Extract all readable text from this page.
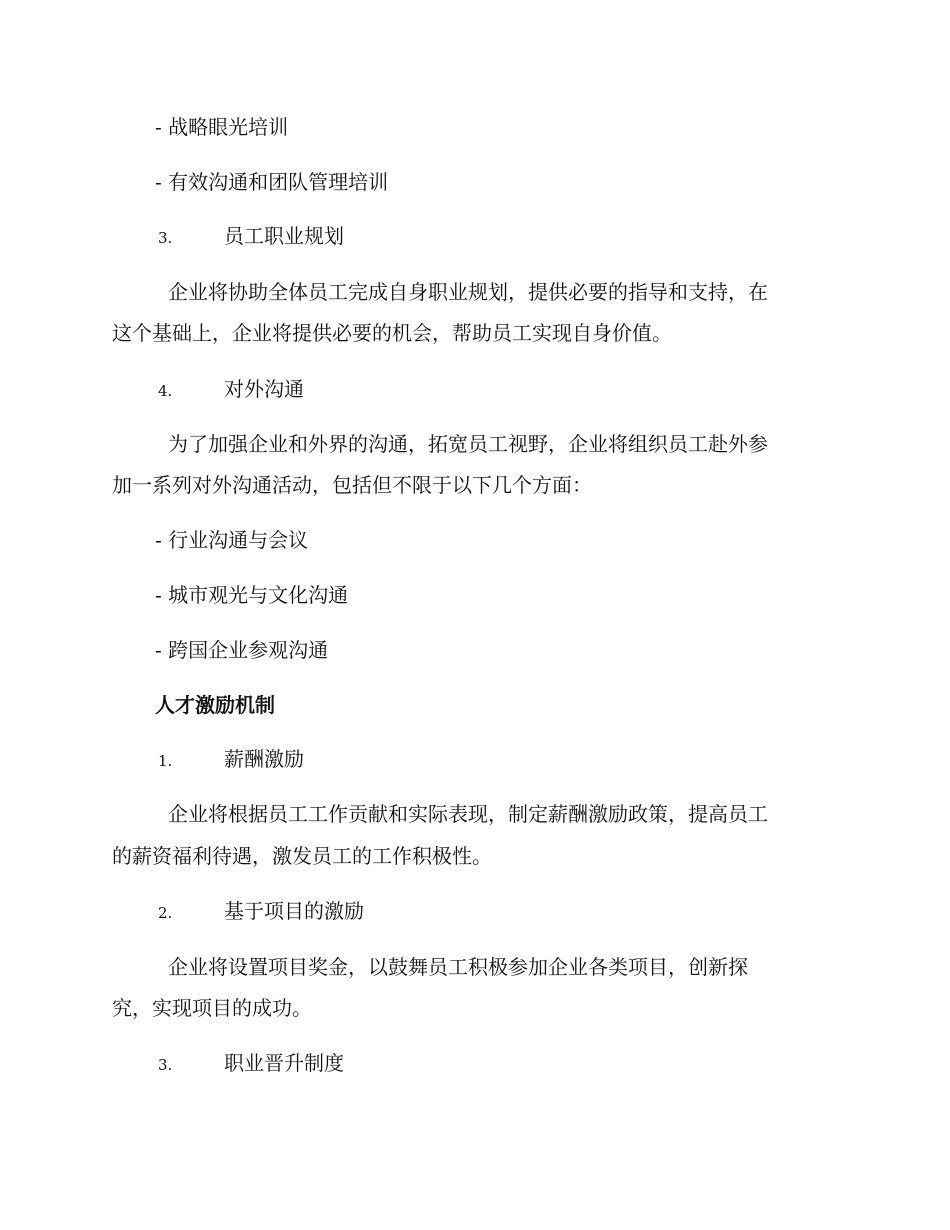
- 战略眼光培训
- 有效沟通和团队管理培训
3.	员工职业规划
企业将协助全体员工完成自身职业规划，提供必要的指导和支持，在
这个基础上，企业将提供必要的机会，帮助员工实现自身价值。
4.	对外沟通
为了加强企业和外界的沟通，拓宽员工视野，企业将组织员工赴外参
加一系列对外沟通活动，包括但不限于以下几个方面：
- 行业沟通与会议
- 城市观光与文化沟通
- 跨国企业参观沟通
人才激励机制
1.	薪酬激励
企业将根据员工工作贡献和实际表现，制定薪酬激励政策，提高员工
的薪资福利待遇，激发员工的工作积极性。
2.	基于项目的激励
企业将设置项目奖金，以鼓舞员工积极参加企业各类项目，创新探
究，实现项目的成功。
3.	职业晋升制度
